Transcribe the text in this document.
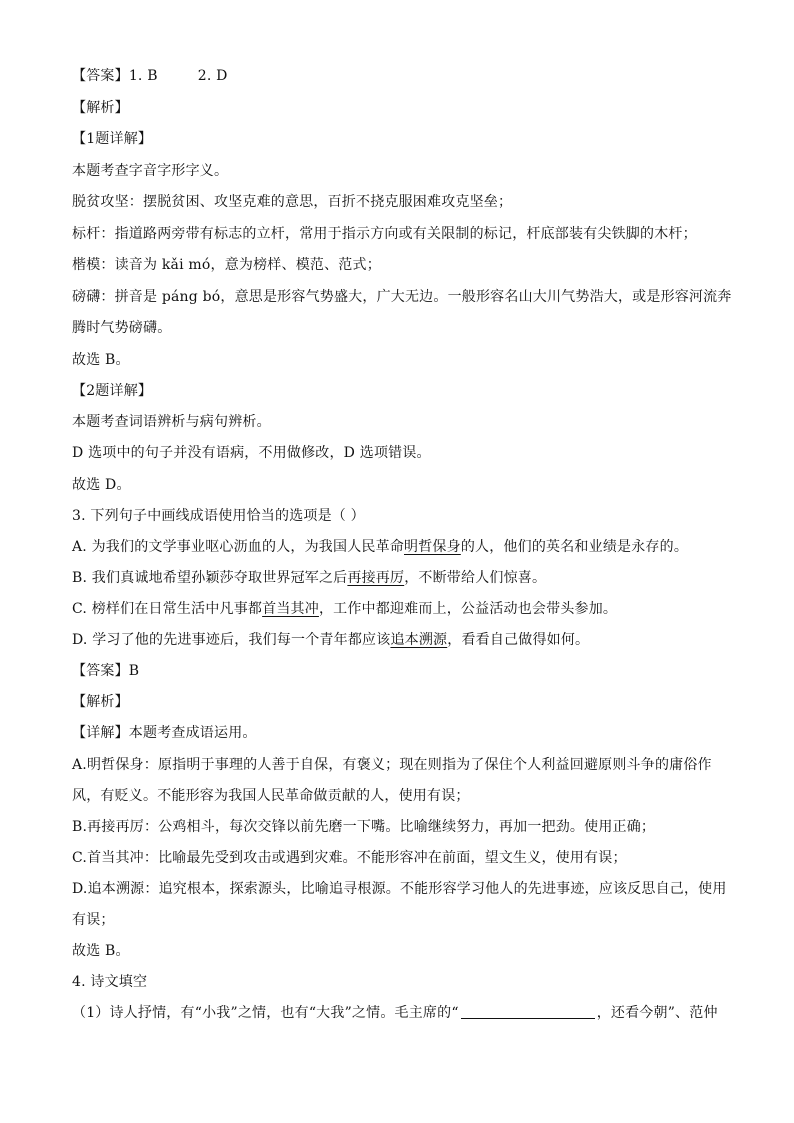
【答案】1. B	2. D
【解析】
【1题详解】
本题考查字音字形字义。
脱贫攻坚：摆脱贫困、攻坚克难的意思，百折不挠克服困难攻克坚垒；
标杆：指道路两旁带有标志的立杆，常用于指示方向或有关限制的标记，杆底部装有尖铁脚的木杆；
楷模：读音为 kǎi mó，意为榜样、模范、范式；
磅礴：拼音是 páng bó，意思是形容气势盛大，广大无边。一般形容名山大川气势浩大，或是形容河流奔
腾时气势磅礴。
故选 B。
【2题详解】
本题考查词语辨析与病句辨析。
D 选项中的句子并没有语病，不用做修改，D 选项错误。
故选 D。
3. 下列句子中画线成语使用恰当的选项是（ ）
A. 为我们的文学事业呕心沥血的人，为我国人民革命明哲保身的人，他们的英名和业绩是永存的。
B. 我们真诚地希望孙颖莎夺取世界冠军之后再接再厉，不断带给人们惊喜。
C. 榜样们在日常生活中凡事都首当其冲，工作中都迎难而上，公益活动也会带头参加。
D. 学习了他的先进事迹后，我们每一个青年都应该追本溯源，看看自己做得如何。
【答案】B
【解析】
【详解】本题考查成语运用。
A.明哲保身：原指明于事理的人善于自保，有褒义；现在则指为了保住个人利益回避原则斗争的庸俗作
风，有贬义。不能形容为我国人民革命做贡献的人，使用有误；
B.再接再厉：公鸡相斗，每次交锋以前先磨一下嘴。比喻继续努力，再加一把劲。使用正确；
C.首当其冲：比喻最先受到攻击或遇到灾难。不能形容冲在前面，望文生义，使用有误；
D.追本溯源：追究根本，探索源头，比喻追寻根源。不能形容学习他人的先进事迹，应该反思自己，使用
有误；
故选 B。
4. 诗文填空
（1）诗人抒情，有“小我”之情，也有“大我”之情。毛主席的“	，还看今朝”、范仲
